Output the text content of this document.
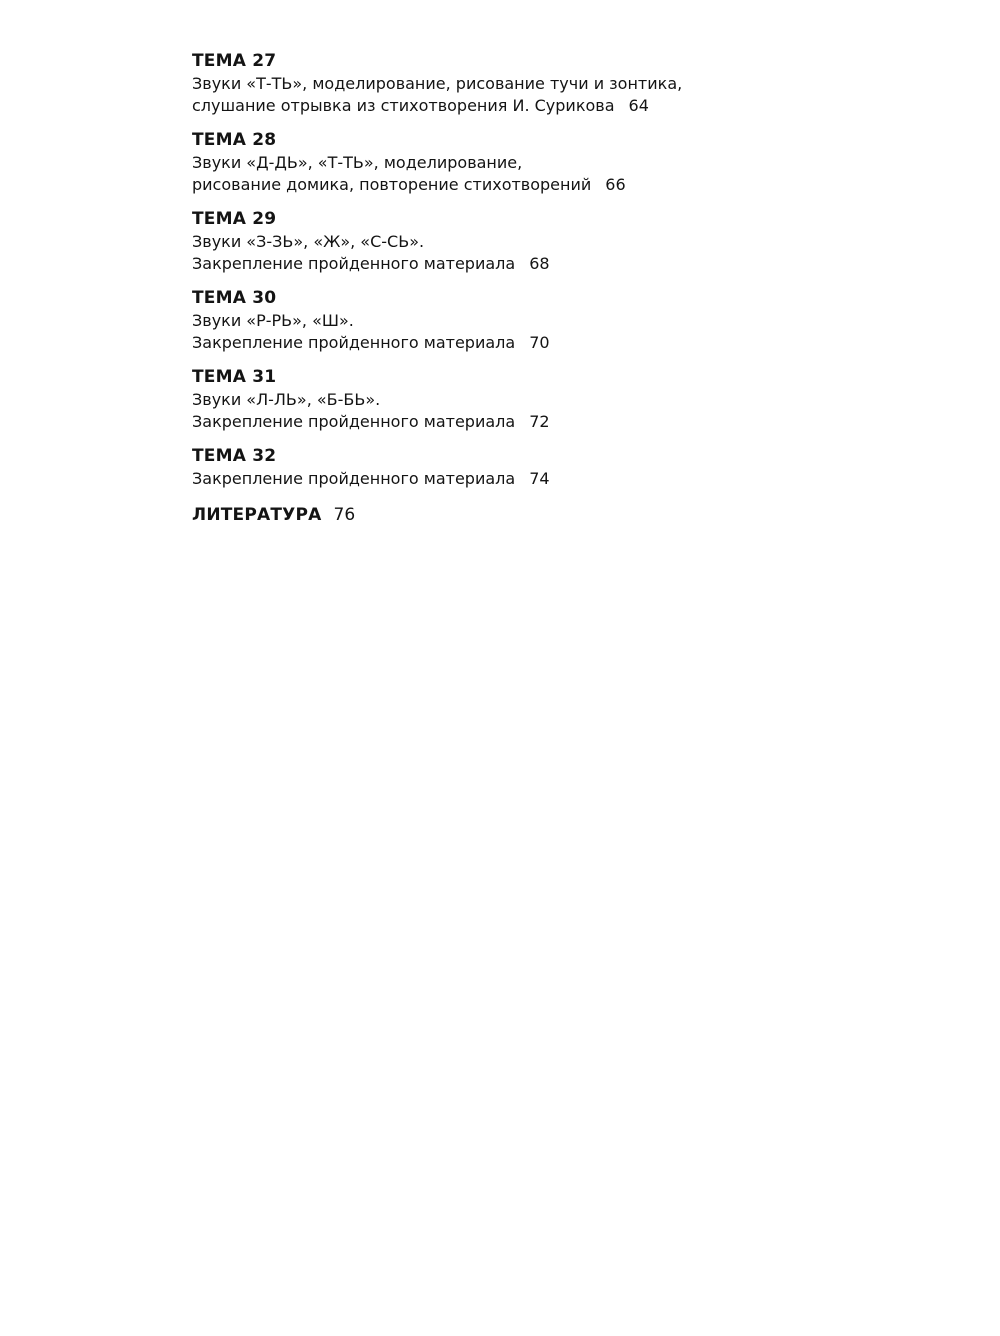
ТЕМА 27
Звуки «Т-ТЬ», моделирование, рисование тучи и зонтика,
слушание отрывка из стихотворения И. Сурикова 64
ТЕМА 28
Звуки «Д-ДЬ», «Т-ТЬ», моделирование,
рисование домика, повторение стихотворений 66
ТЕМА 29
Звуки «З-ЗЬ», «Ж», «С-СЬ».
Закрепление пройденного материала 68
ТЕМА 30
Звуки «Р-РЬ», «Ш».
Закрепление пройденного материала 70
ТЕМА 31
Звуки «Л-ЛЬ», «Б-БЬ».
Закрепление пройденного материала 72
ТЕМА 32
Закрепление пройденного материала 74
ЛИТЕРАТУРА 76
